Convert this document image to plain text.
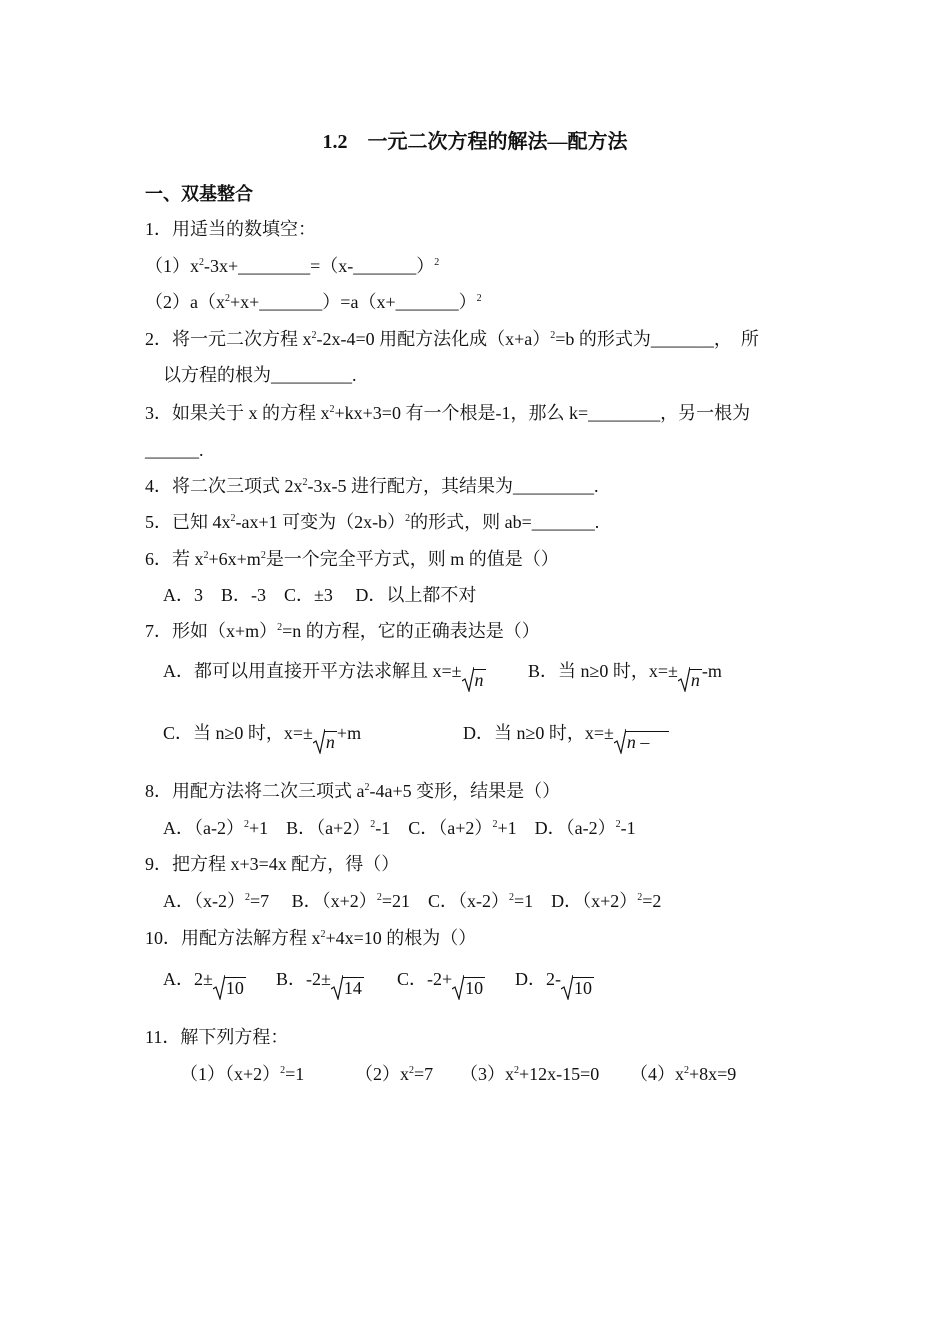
1.2　一元二次方程的解法—配方法
一、双基整合
1．用适当的数填空：
$(1)x^2-3x+\_\_\_\_\_\_\_\_=(x-\_\_\_\_\_\_\_)^2$
$(2)a(x^2+x+\_\_\_\_\_\_\_)=a(x+\_\_\_\_\_\_\_)^2$
2．将一元二次方程 $x^2-2x-4=0$ 用配方法化成$(x+a)^2=b$ 的形式为_______，　所
以方程的根为_________.
3．如果关于 x 的方程 $x^2+kx+3=0$ 有一个根是-1，那么 k=________，另一根为
______.
4．将二次三项式 $2x^2-3x-5$ 进行配方，其结果为_________.
5．已知 $4x^2-ax+1$ 可变为$(2x-b)^2$的形式，则 ab=_______.
6．若 $x^2+6x+m^2$是一个完全平方式，则 m 的值是（）
A．3　B．-3　C．±3　 D．以上都不对
7．形如$(x+m)^2=n$ 的方程，它的正确表达是（）
A．都可以用直接开平方法求解且 x=± n B．当 n≥0 时，x=± n -m
C．当 n≥0 时，x=± n +m	D．当 n≥0 时，x=± n –
8．用配方法将二次三项式 $a^2-4a+5$ 变形，结果是（）
A．$(a-2)^2+1$　B．$(a+2)^2-1$　C．$(a+2)^2+1$　D．$(a-2)^2-1$
9．把方程 x+3=4x 配方，得（）
A．$(x-2)^2=7$　 B．$(x+2)^2=21$　C．$(x-2)^2=1$　D．$(x+2)^2=2$
10．用配方法解方程 $x^2+4x=10$ 的根为（）
A．2± 10 B．-2± 14 C．-2+ 10 D．2- 10
11．解下列方程：
$(1)(x+2)^2=1$	$(2)x^2=7$ $(3)x^2+12x-15=0$ $(4)x^2+8x=9$
